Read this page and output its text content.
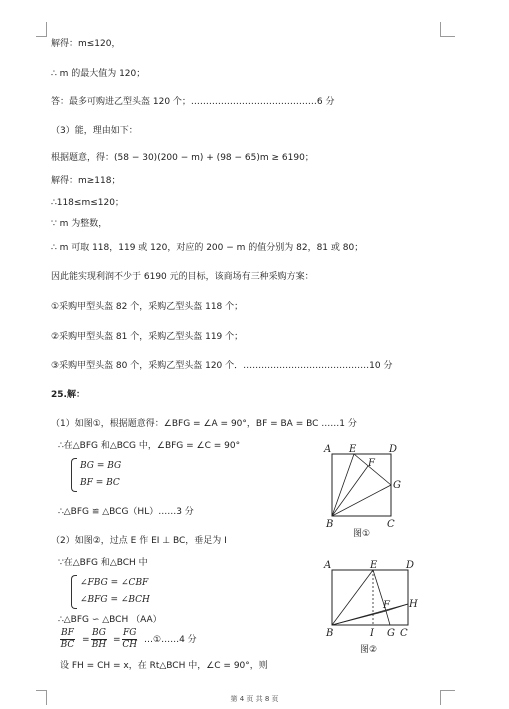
解得：m≤120，
∴ m 的最大值为 120；
答：最多可购进乙型头盔 120 个；……………………………………6 分
（3）能，理由如下：
根据题意，得：(58 − 30)(200 − m) + (98 − 65)m ≥ 6190；
解得：m≥118；
∴118≤m≤120；
∵ m 为整数，
∴ m 可取 118，119 或 120，对应的 200 − m 的值分别为 82，81 或 80；
因此能实现利润不少于 6190 元的目标，该商场有三种采购方案：
①采购甲型头盔 82 个，采购乙型头盔 118 个；
②采购甲型头盔 81 个，采购乙型头盔 119 个；
③采购甲型头盔 80 个，采购乙型头盔 120 个．……………………………………10 分
25.解：
（1）如图①，根据题意得：∠BFG = ∠A = 90°，BF = BA = BC ……1 分
∴在△BFG 和△BCG 中，∠BFG = ∠C = 90°
BG = BG
BF = BC
∴△BFG ≌ △BCG（HL）……3 分
（2）如图②，过点 E 作 EI ⊥ BC，垂足为 I
∵在△BFG 和△BCH 中
∠FBG = ∠CBF
∠BFG = ∠BCH
∴△BFG ∽ △BCH （AA）
$\frac{BF}{BC} = \frac{BG}{BH} = \frac{FG}{CH}$ …①……4 分
设 FH = CH = x，在 Rt△BCH 中，∠C = 90°，则
A E	D
F
G
B	C
图①
A	E	D
F H
B	I G C
图②
第 4 页 共 8 页
